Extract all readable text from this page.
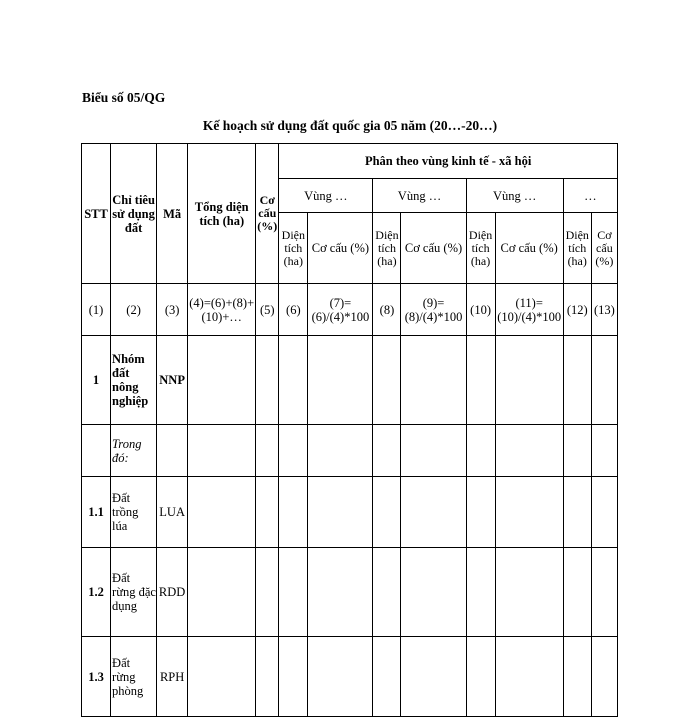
Biểu số 05/QG
Kế hoạch sử dụng đất quốc gia 05 năm (20…-20…)
STT	Chỉ tiêu sử dụng đất	Mã	Tổng diện tích (ha)	Cơ cấu (%)	Phân theo vùng kinh tế - xã hội							
					Vùng …		Vùng …		Vùng …		…	
					Diện tích (ha)	Cơ cấu (%)	Diện tích (ha)	Cơ cấu (%)	Diện tích (ha)	Cơ cấu (%)	Diện tích (ha)	Cơ cấu (%)
(1)	(2)	(3)	(4)=(6)+(8)+(10)+…	(5)	(6)	(7)=(6)/(4)*100	(8)	(9)=(8)/(4)*100	(10)	(11)=(10)/(4)*100	(12)	(13)
1	Nhóm đất nông nghiệp	NNP										
	Trong đó:											
1.1	Đất trồng lúa	LUA										
1.2	Đất rừng đặc dụng	RDD										
1.3	Đất rừng phòng	RPH										
